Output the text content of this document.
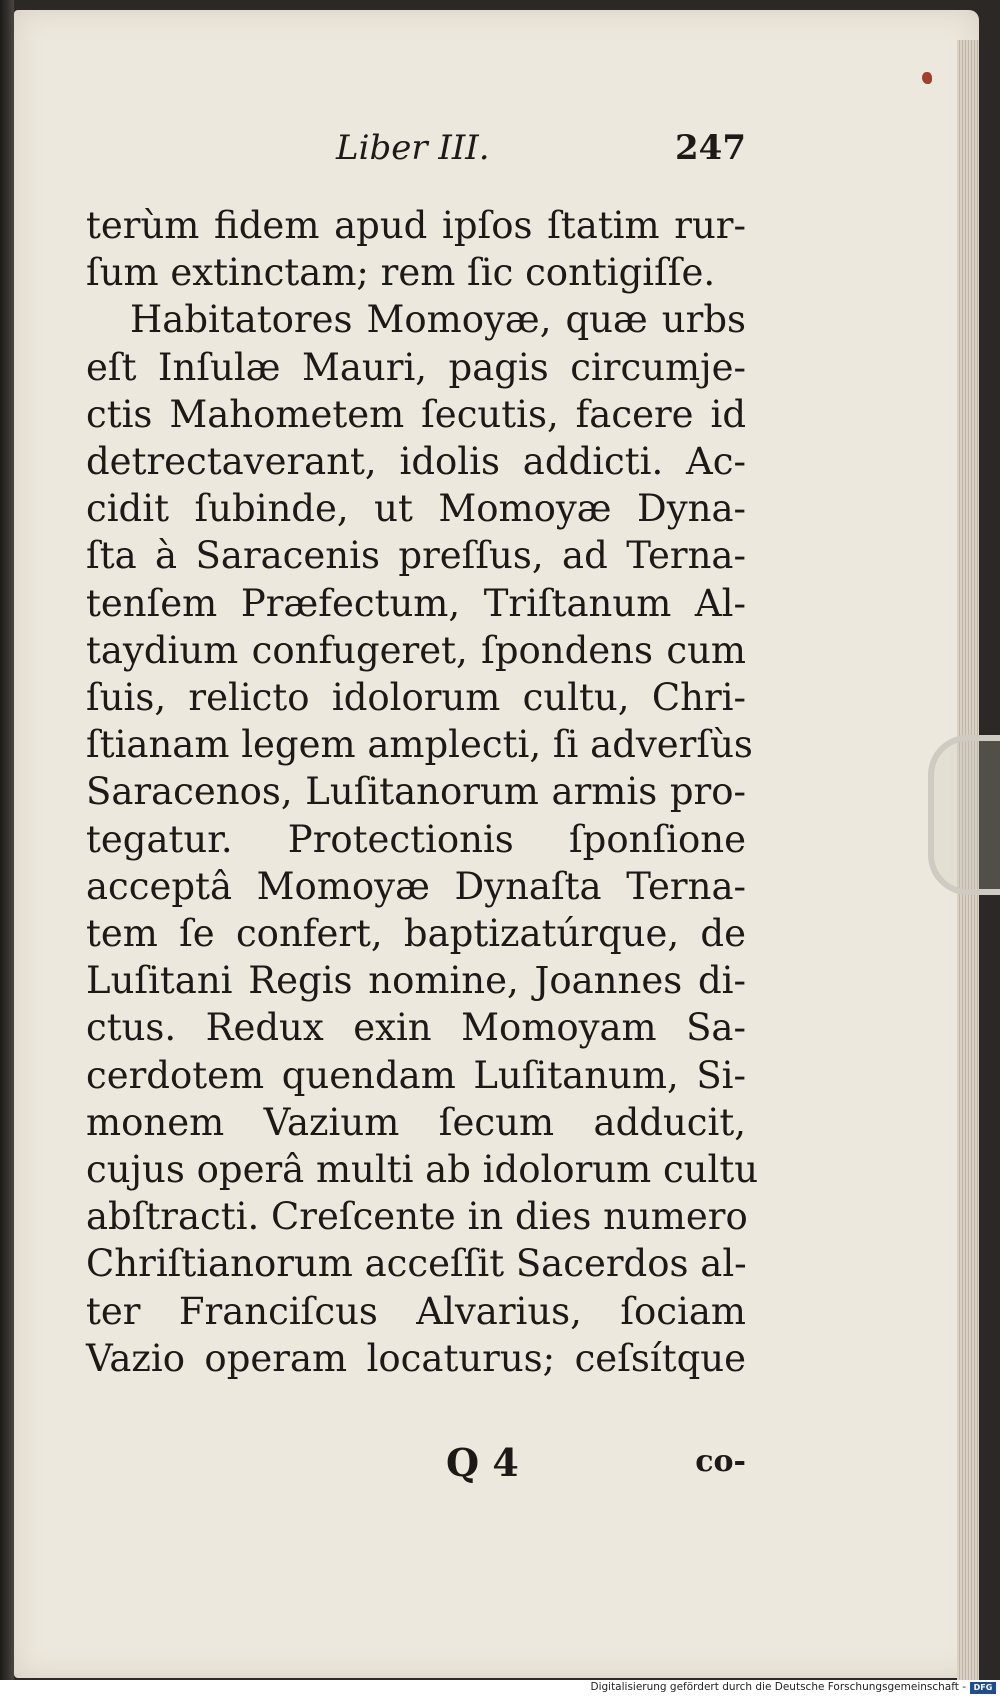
Liber III.	247
terùm fidem apud ipſos ſtatim rur-
ſum extinctam; rem ſic contigiſſe.
Habitatores Momoyæ, quæ urbs
eſt Inſulæ Mauri, pagis circumje-
ctis Mahometem ſecutis, facere id
detrectaverant, idolis addicti. Ac-
cidit ſubinde, ut Momoyæ Dyna-
ſta à Saracenis preſſus, ad Terna-
tenſem Præfectum, Triſtanum Al-
taydium confugeret, ſpondens cum
ſuis, relicto idolorum cultu, Chri-
ſtianam legem amplecti, ſi adverſùs
Saracenos, Luſitanorum armis pro-
tegatur. Protectionis ſponſione
acceptâ Momoyæ Dynaſta Terna-
tem ſe confert, baptizatúrque, de
Luſitani Regis nomine, Joannes di-
ctus. Redux exin Momoyam Sa-
cerdotem quendam Luſitanum, Si-
monem Vazium ſecum adducit,
cujus operâ multi ab idolorum cultu
abſtracti. Creſcente in dies numero
Chriſtianorum acceſſit Sacerdos al-
ter Franciſcus Alvarius, ſociam
Vazio operam locaturus; ceſsítque
Q 4	co-
Digitalisierung gefördert durch die Deutsche Forschungsgemeinschaft - DFG
